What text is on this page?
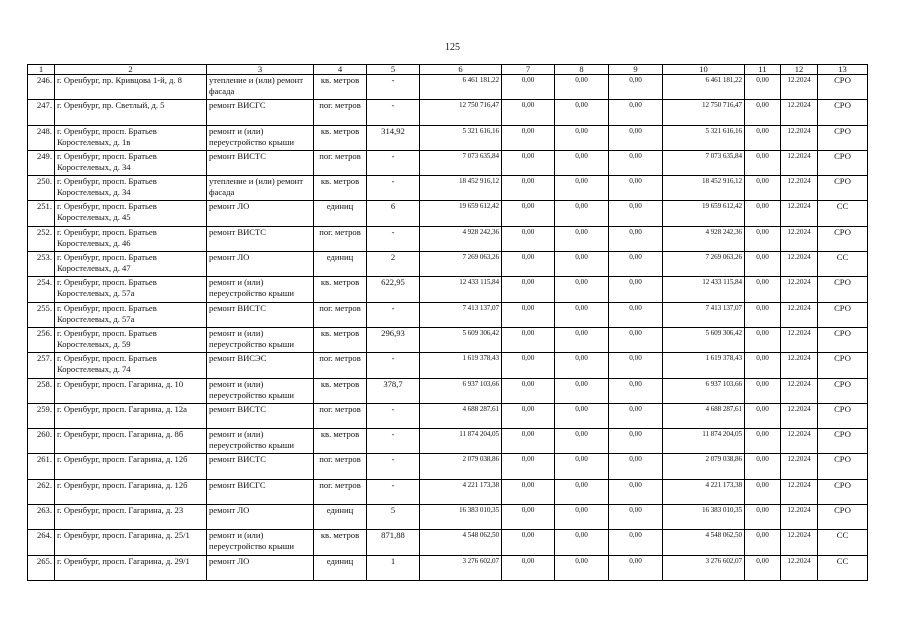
125
1	2	3	4	5	6	7	8	9	10	11	12	13
246.	г. Оренбург, пр. Кривцова 1-й, д. 8	утепление и (или) ремонт фасада	кв. метров	-	6 461 181,22	0,00	0,00	0,00	6 461 181,22	0,00	12.2024	СРО
247.	г. Оренбург, пр. Светлый, д. 5	ремонт ВИСГС	пог. метров	-	12 750 716,47	0,00	0,00	0,00	12 750 716,47	0,00	12.2024	СРО
248.	г. Оренбург, просп. Братьев Коростелевых, д. 1в	ремонт и (или) переустройство крыши	кв. метров	314,92	5 321 616,16	0,00	0,00	0,00	5 321 616,16	0,00	12.2024	СРО
249.	г. Оренбург, просп. Братьев Коростелевых, д. 34	ремонт ВИСТС	пог. метров	-	7 073 635,84	0,00	0,00	0,00	7 073 635,84	0,00	12.2024	СРО
250.	г. Оренбург, просп. Братьев Коростелевых, д. 34	утепление и (или) ремонт фасада	кв. метров	-	18 452 916,12	0,00	0,00	0,00	18 452 916,12	0,00	12.2024	СРО
251.	г. Оренбург, просп. Братьев Коростелевых, д. 45	ремонт ЛО	единиц	6	19 659 612,42	0,00	0,00	0,00	19 659 612,42	0,00	12.2024	СС
252.	г. Оренбург, просп. Братьев Коростелевых, д. 46	ремонт ВИСТС	пог. метров	-	4 928 242,36	0,00	0,00	0,00	4 928 242,36	0,00	12.2024	СРО
253.	г. Оренбург, просп. Братьев Коростелевых, д. 47	ремонт ЛО	единиц	2	7 269 063,26	0,00	0,00	0,00	7 269 063,26	0,00	12.2024	СС
254.	г. Оренбург, просп. Братьев Коростелевых, д. 57а	ремонт и (или) переустройство крыши	кв. метров	622,95	12 433 115,84	0,00	0,00	0,00	12 433 115,84	0,00	12.2024	СРО
255.	г. Оренбург, просп. Братьев Коростелевых, д. 57а	ремонт ВИСТС	пог. метров	-	7 413 137,07	0,00	0,00	0,00	7 413 137,07	0,00	12.2024	СРО
256.	г. Оренбург, просп. Братьев Коростелевых, д. 59	ремонт и (или) переустройство крыши	кв. метров	296,93	5 609 306,42	0,00	0,00	0,00	5 609 306,42	0,00	12.2024	СРО
257.	г. Оренбург, просп. Братьев Коростелевых, д. 74	ремонт ВИСЭС	пог. метров	-	1 619 378,43	0,00	0,00	0,00	1 619 378,43	0,00	12.2024	СРО
258.	г. Оренбург, просп. Гагарина, д. 10	ремонт и (или) переустройство крыши	кв. метров	378,7	6 937 103,66	0,00	0,00	0,00	6 937 103,66	0,00	12.2024	СРО
259.	г. Оренбург, просп. Гагарина, д. 12а	ремонт ВИСТС	пог. метров	-	4 688 287,61	0,00	0,00	0,00	4 688 287,61	0,00	12.2024	СРО
260.	г. Оренбург, просп. Гагарина, д. 8б	ремонт и (или) переустройство крыши	кв. метров	-	11 874 204,05	0,00	0,00	0,00	11 874 204,05	0,00	12.2024	СРО
261.	г. Оренбург, просп. Гагарина, д. 12б	ремонт ВИСТС	пог. метров	-	2 079 038,86	0,00	0,00	0,00	2 079 038,86	0,00	12.2024	СРО
262.	г. Оренбург, просп. Гагарина, д. 12б	ремонт ВИСГС	пог. метров	-	4 221 173,38	0,00	0,00	0,00	4 221 173,38	0,00	12.2024	СРО
263.	г. Оренбург, просп. Гагарина, д. 23	ремонт ЛО	единиц	5	16 383 010,35	0,00	0,00	0,00	16 383 010,35	0,00	12.2024	СРО
264.	г. Оренбург, просп. Гагарина, д. 25/1	ремонт и (или) переустройство крыши	кв. метров	871,88	4 548 062,50	0,00	0,00	0,00	4 548 062,50	0,00	12.2024	СС
265.	г. Оренбург, просп. Гагарина, д. 29/1	ремонт ЛО	единиц	1	3 276 602,07	0,00	0,00	0,00	3 276 602,07	0,00	12.2024	СС
